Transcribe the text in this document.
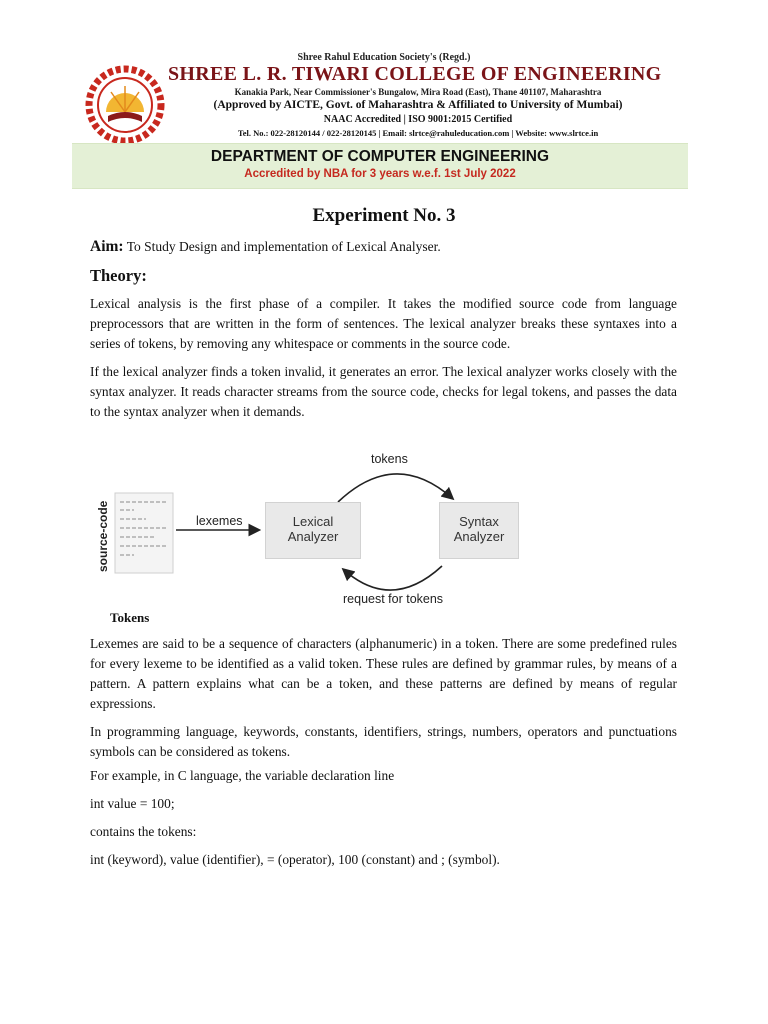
Shree Rahul Education Society's (Regd.)
SHREE L. R. TIWARI COLLEGE OF ENGINEERING
Kanakia Park, Near Commissioner's Bungalow, Mira Road (East), Thane 401107, Maharashtra
(Approved by AICTE, Govt. of Maharashtra & Affiliated to University of Mumbai)
NAAC Accredited | ISO 9001:2015 Certified
Tel. No.: 022-28120144 / 022-28120145 | Email: slrtce@rahuleducation.com | Website: www.slrtce.in
DEPARTMENT OF COMPUTER ENGINEERING
Accredited by NBA for 3 years w.e.f. 1st July 2022
Experiment No. 3
Aim: To Study Design and implementation of Lexical Analyser.
Theory:
Lexical analysis is the first phase of a compiler. It takes the modified source code from language preprocessors that are written in the form of sentences. The lexical analyzer breaks these syntaxes into a series of tokens, by removing any whitespace or comments in the source code.
If the lexical analyzer finds a token invalid, it generates an error. The lexical analyzer works closely with the syntax analyzer. It reads character streams from the source code, checks for legal tokens, and passes the data to the syntax analyzer when it demands.
source-code	lexemes	Lexical
Analyzer
Syntax
Analyzer
tokens
request for tokens
Tokens
Lexemes are said to be a sequence of characters (alphanumeric) in a token. There are some predefined rules for every lexeme to be identified as a valid token. These rules are defined by grammar rules, by means of a pattern. A pattern explains what can be a token, and these patterns are defined by means of regular expressions.
In programming language, keywords, constants, identifiers, strings, numbers, operators and punctuations symbols can be considered as tokens.
For example, in C language, the variable declaration line
int value = 100;
contains the tokens:
int (keyword), value (identifier), = (operator), 100 (constant) and ; (symbol).
